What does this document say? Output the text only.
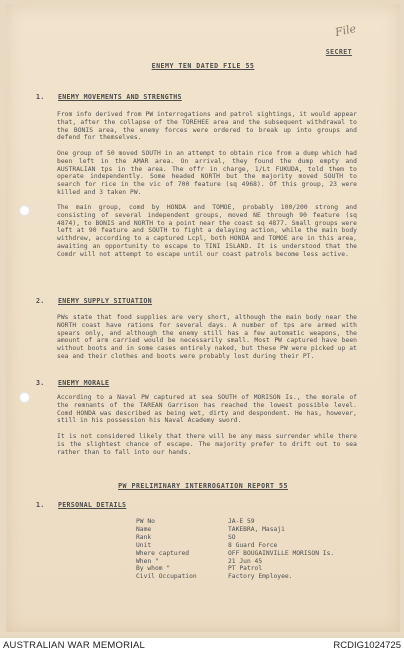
File
SECRET
ENEMY TEN DATED FILE 55
1. ENEMY MOVEMENTS AND STRENGTHS
From info derived from PW interrogations and patrol sightings, it would appear that, after the collapse of the TOREHEE area and the subsequent withdrawal to the BONIS area, the enemy forces were ordered to break up into groups and defend for themselves.
One group of 50 moved SOUTH in an attempt to obtain rice from a dump which had been left in the AMAR area. On arrival, they found the dump empty and AUSTRALIAN tps in the area. The offr in charge, 1/Lt FUKUDA, told them to operate independently. Some headed NORTH but the majority moved SOUTH to search for rice in the vic of 700 feature (sq 4968). Of this group, 23 were killed and 3 taken PW.
The main group, comd by HONDA and TOMOE, probably 100/200 strong and consisting of several independent groups, moved NE through 90 feature (sq 4874), to BONIS and NORTH to a point near the coast sq 4877. Small groups were left at 90 feature and SOUTH to fight a delaying action, while the main body withdrew, according to a captured Lcpl, both HONDA and TOMOE are in this area, awaiting an opportunity to escape to TINI ISLAND. It is understood that the Comdr will not attempt to escape until our coast patrols become less active.
2. ENEMY SUPPLY SITUATION
PWs state that food supplies are very short, although the main body near the NORTH coast have rations for several days. A number of tps are armed with spears only, and although the enemy still has a few automatic weapons, the amount of arm carried would be necessarily small. Most PW captured have been without boots and in some cases entirely naked, but these PW were picked up at sea and their clothes and boots were probably lost during their PT.
3. ENEMY MORALE
According to a Naval PW captured at sea SOUTH of MORISON Is., the morale of the remnants of the TAREAN Garrison has reached the lowest possible level. Comd HONDA was described as being wet, dirty and despondent. He has, however, still in his possession his Naval Academy sword.
It is not considered likely that there will be any mass surrender while there is the slightest chance of escape. The majority prefer to drift out to sea rather than to fall into our hands.
PW PRELIMINARY INTERROGATION REPORT 55
1. PERSONAL DETAILS
PW No	JA-E 59
Name	TAKEBRA, Masaji
Rank	SO
Unit	8 Guard Force
Where captured	OFF BOUGAINVILLE MORISON Is.
When "	21 Jun 45
By whom "	PT Patrol
Civil Occupation	Factory Employee.
AUSTRALIAN WAR MEMORIAL	RCDIG1024725
